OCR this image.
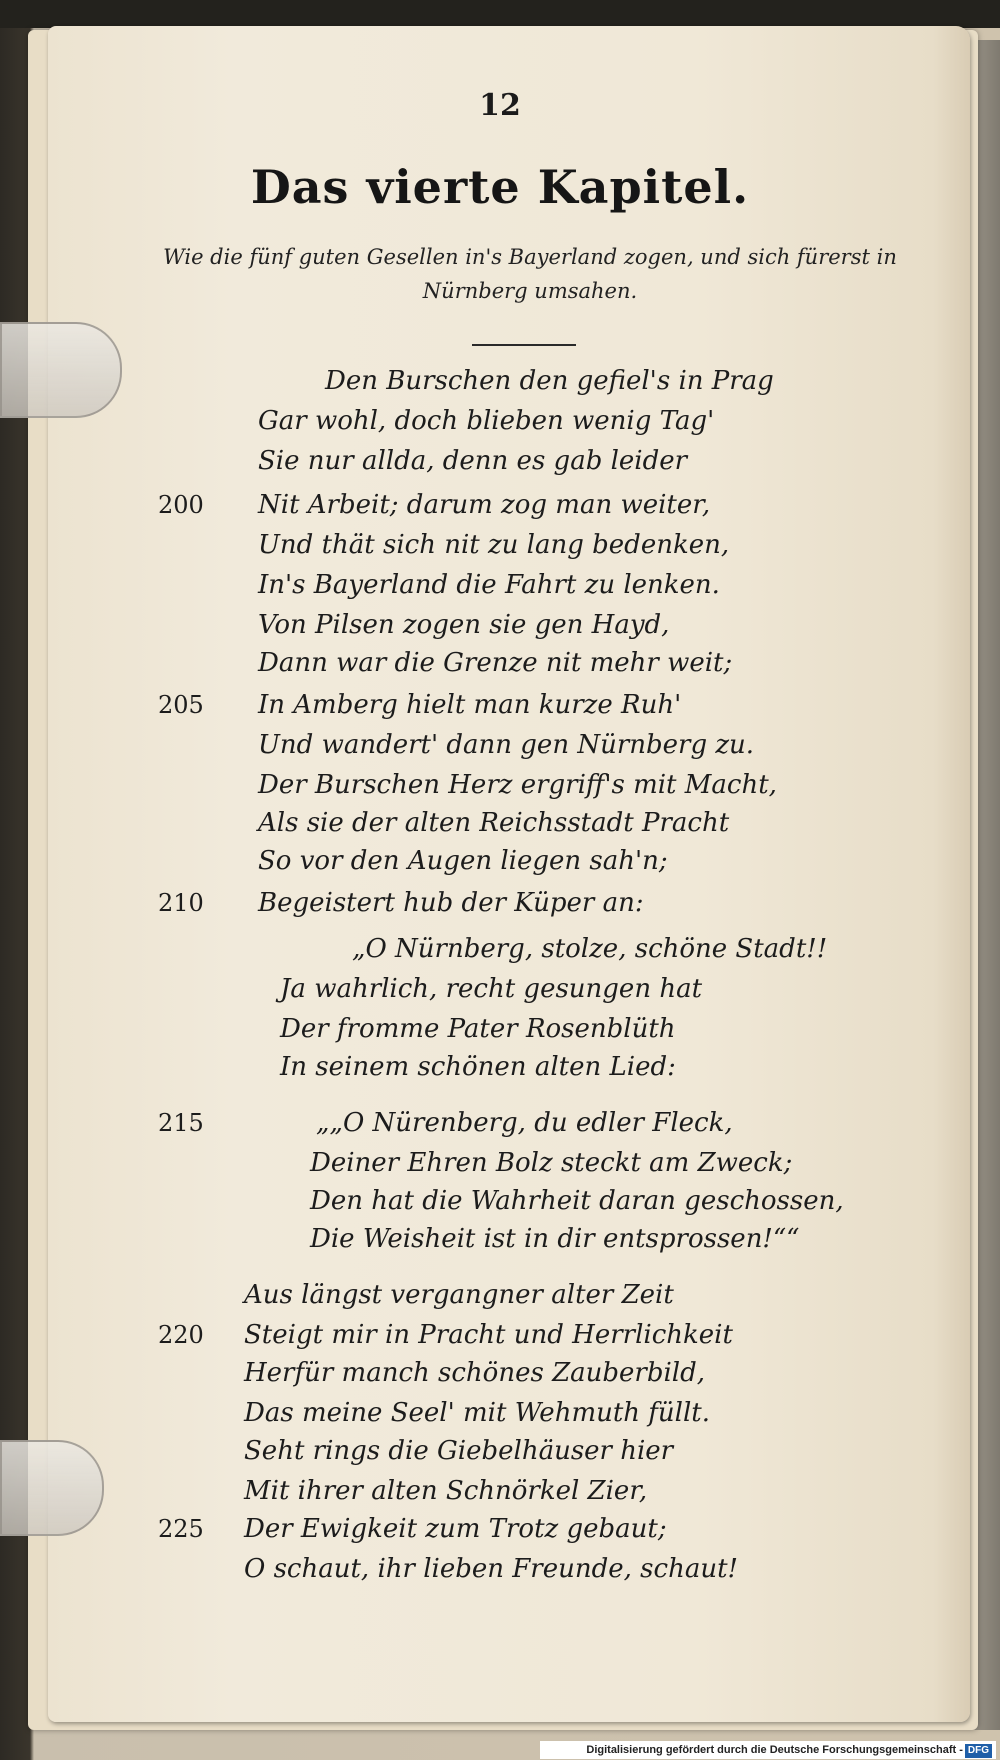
12
Das vierte Kapitel.
Wie die fünf guten Gesellen in's Bayerland zogen, und sich fürerst in Nürnberg umsahen.
Den Burschen den gefiel's in Prag
Gar wohl, doch blieben wenig Tag'
Sie nur allda, denn es gab leider
200	Nit Arbeit; darum zog man weiter,
Und thät sich nit zu lang bedenken,
In's Bayerland die Fahrt zu lenken.
Von Pilsen zogen sie gen Hayd,
Dann war die Grenze nit mehr weit;
205	In Amberg hielt man kurze Ruh'
Und wandert' dann gen Nürnberg zu.
Der Burschen Herz ergriff's mit Macht,
Als sie der alten Reichsstadt Pracht
So vor den Augen liegen sah'n;
210	Begeistert hub der Küper an:
„O Nürnberg, stolze, schöne Stadt!!
Ja wahrlich, recht gesungen hat
Der fromme Pater Rosenblüth
In seinem schönen alten Lied:
215	„„O Nürenberg, du edler Fleck,
Deiner Ehren Bolz steckt am Zweck;
Den hat die Wahrheit daran geschossen,
Die Weisheit ist in dir entsprossen!““
Aus längst vergangner alter Zeit
220	Steigt mir in Pracht und Herrlichkeit
Herfür manch schönes Zauberbild,
Das meine Seel' mit Wehmuth füllt.
Seht rings die Giebelhäuser hier
Mit ihrer alten Schnörkel Zier,
225	Der Ewigkeit zum Trotz gebaut;
O schaut, ihr lieben Freunde, schaut!
Digitalisierung gefördert durch die Deutsche Forschungsgemeinschaft - DFG
